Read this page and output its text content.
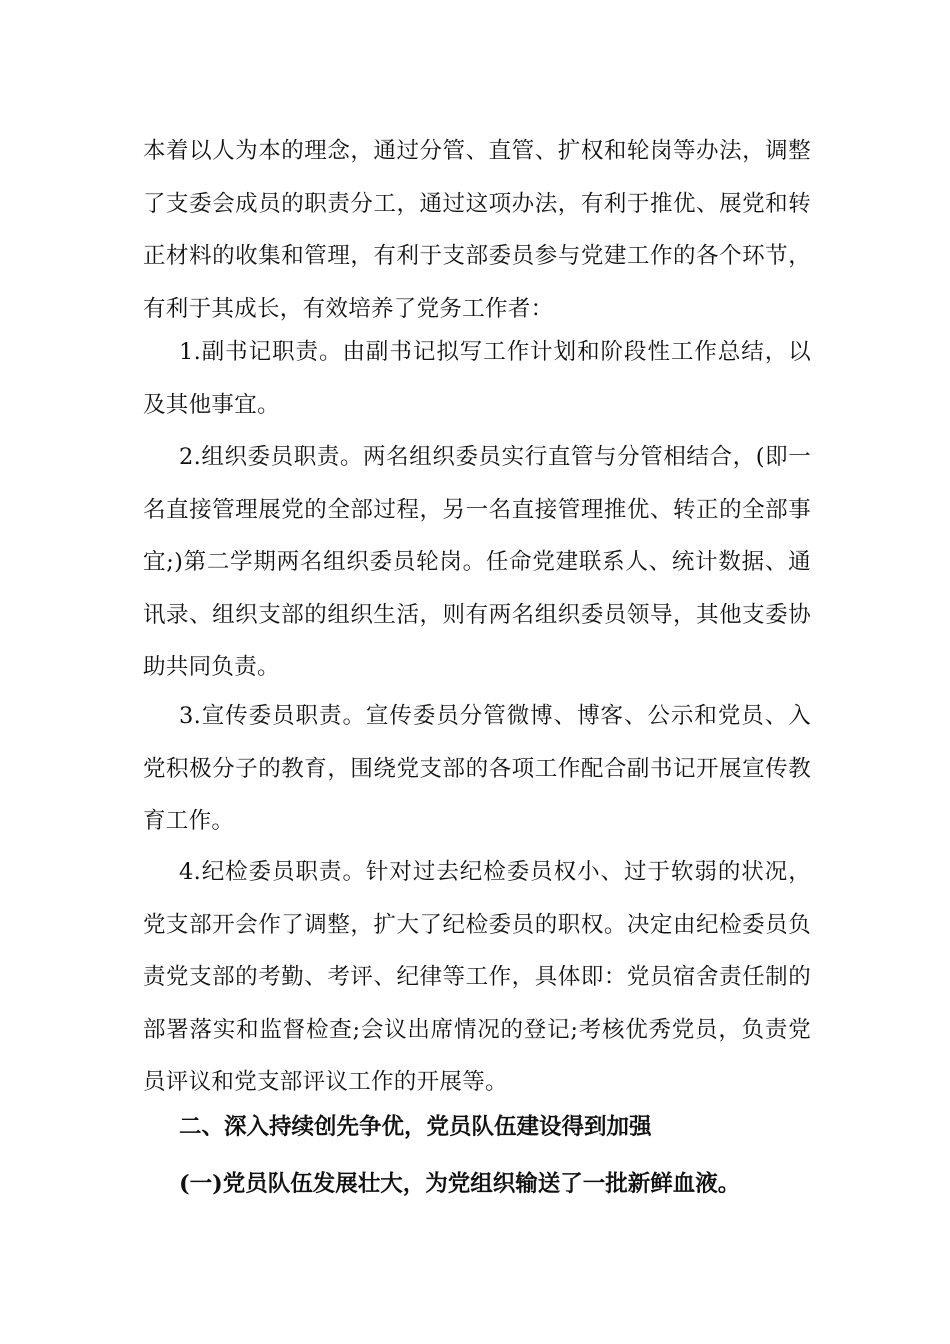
本着以人为本的理念，通过分管、直管、扩权和轮岗等办法，调整了支委会成员的职责分工，通过这项办法，有利于推优、展党和转正材料的收集和管理，有利于支部委员参与党建工作的各个环节，有利于其成长，有效培养了党务工作者：

1.副书记职责。由副书记拟写工作计划和阶段性工作总结，以及其他事宜。

2.组织委员职责。两名组织委员实行直管与分管相结合，(即一名直接管理展党的全部过程，另一名直接管理推优、转正的全部事宜;)第二学期两名组织委员轮岗。任命党建联系人、统计数据、通讯录、组织支部的组织生活，则有两名组织委员领导，其他支委协助共同负责。

3.宣传委员职责。宣传委员分管微博、博客、公示和党员、入党积极分子的教育，围绕党支部的各项工作配合副书记开展宣传教育工作。

4.纪检委员职责。针对过去纪检委员权小、过于软弱的状况，党支部开会作了调整，扩大了纪检委员的职权。决定由纪检委员负责党支部的考勤、考评、纪律等工作，具体即：党员宿舍责任制的部署落实和监督检查;会议出席情况的登记;考核优秀党员，负责党员评议和党支部评议工作的开展等。

二、深入持续创先争优，党员队伍建设得到加强
(一)党员队伍发展壮大，为党组织输送了一批新鲜血液。
